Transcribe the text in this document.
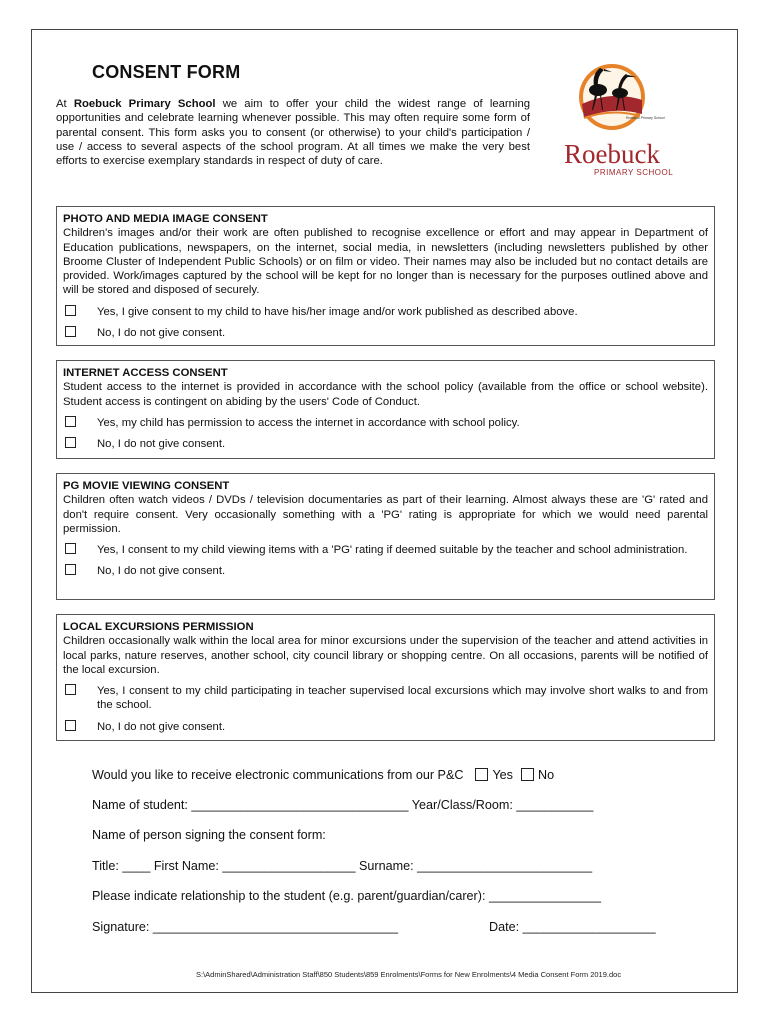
CONSENT FORM
At Roebuck Primary School we aim to offer your child the widest range of learning opportunities and celebrate learning whenever possible. This may often require some form of parental consent. This form asks you to consent (or otherwise) to your child's participation / use / access to several aspects of the school program. At all times we make the very best efforts to exercise exemplary standards in respect of duty of care.
Roebuck Primary School
Roebuck
PRIMARY SCHOOL
PHOTO AND MEDIA IMAGE CONSENT

Children's images and/or their work are often published to recognise excellence or effort and may appear in Department of Education publications, newspapers, on the internet, social media, in newsletters (including newsletters published by other Broome Cluster of Independent Public Schools) or on film or video. Their names may also be included but no contact details are provided. Work/images captured by the school will be kept for no longer than is necessary for the purposes outlined above and will be stored and disposed of securely.

Yes, I give consent to my child to have his/her image and/or work published as described above.
No, I do not give consent.
INTERNET ACCESS CONSENT

Student access to the internet is provided in accordance with the school policy (available from the office or school website). Student access is contingent on abiding by the users' Code of Conduct.

Yes, my child has permission to access the internet in accordance with school policy.
No, I do not give consent.
PG MOVIE VIEWING CONSENT

Children often watch videos / DVDs / television documentaries as part of their learning. Almost always these are 'G' rated and don't require consent. Very occasionally something with a 'PG' rating is appropriate for which we would need parental permission.

Yes, I consent to my child viewing items with a 'PG' rating if deemed suitable by the teacher and school administration.
No, I do not give consent.
LOCAL EXCURSIONS PERMISSION

Children occasionally walk within the local area for minor excursions under the supervision of the teacher and attend activities in local parks, nature reserves, another school, city council library or shopping centre. On all occasions, parents will be notified of the local excursion.

Yes, I consent to my child participating in teacher supervised local excursions which may involve short walks to and from the school.
No, I do not give consent.
Would you like to receive electronic communications from our P&C Yes No
Name of student: _______________________________ Year/Class/Room: ___________
Name of person signing the consent form:
Title: ____ First Name: ___________________ Surname: _________________________
Please indicate relationship to the student (e.g. parent/guardian/carer): ________________
Signature: ___________________________________	Date: ___________________
S:\AdminShared\Administration Staff\850 Students\859 Enrolments\Forms for New Enrolments\4 Media Consent Form 2019.doc
